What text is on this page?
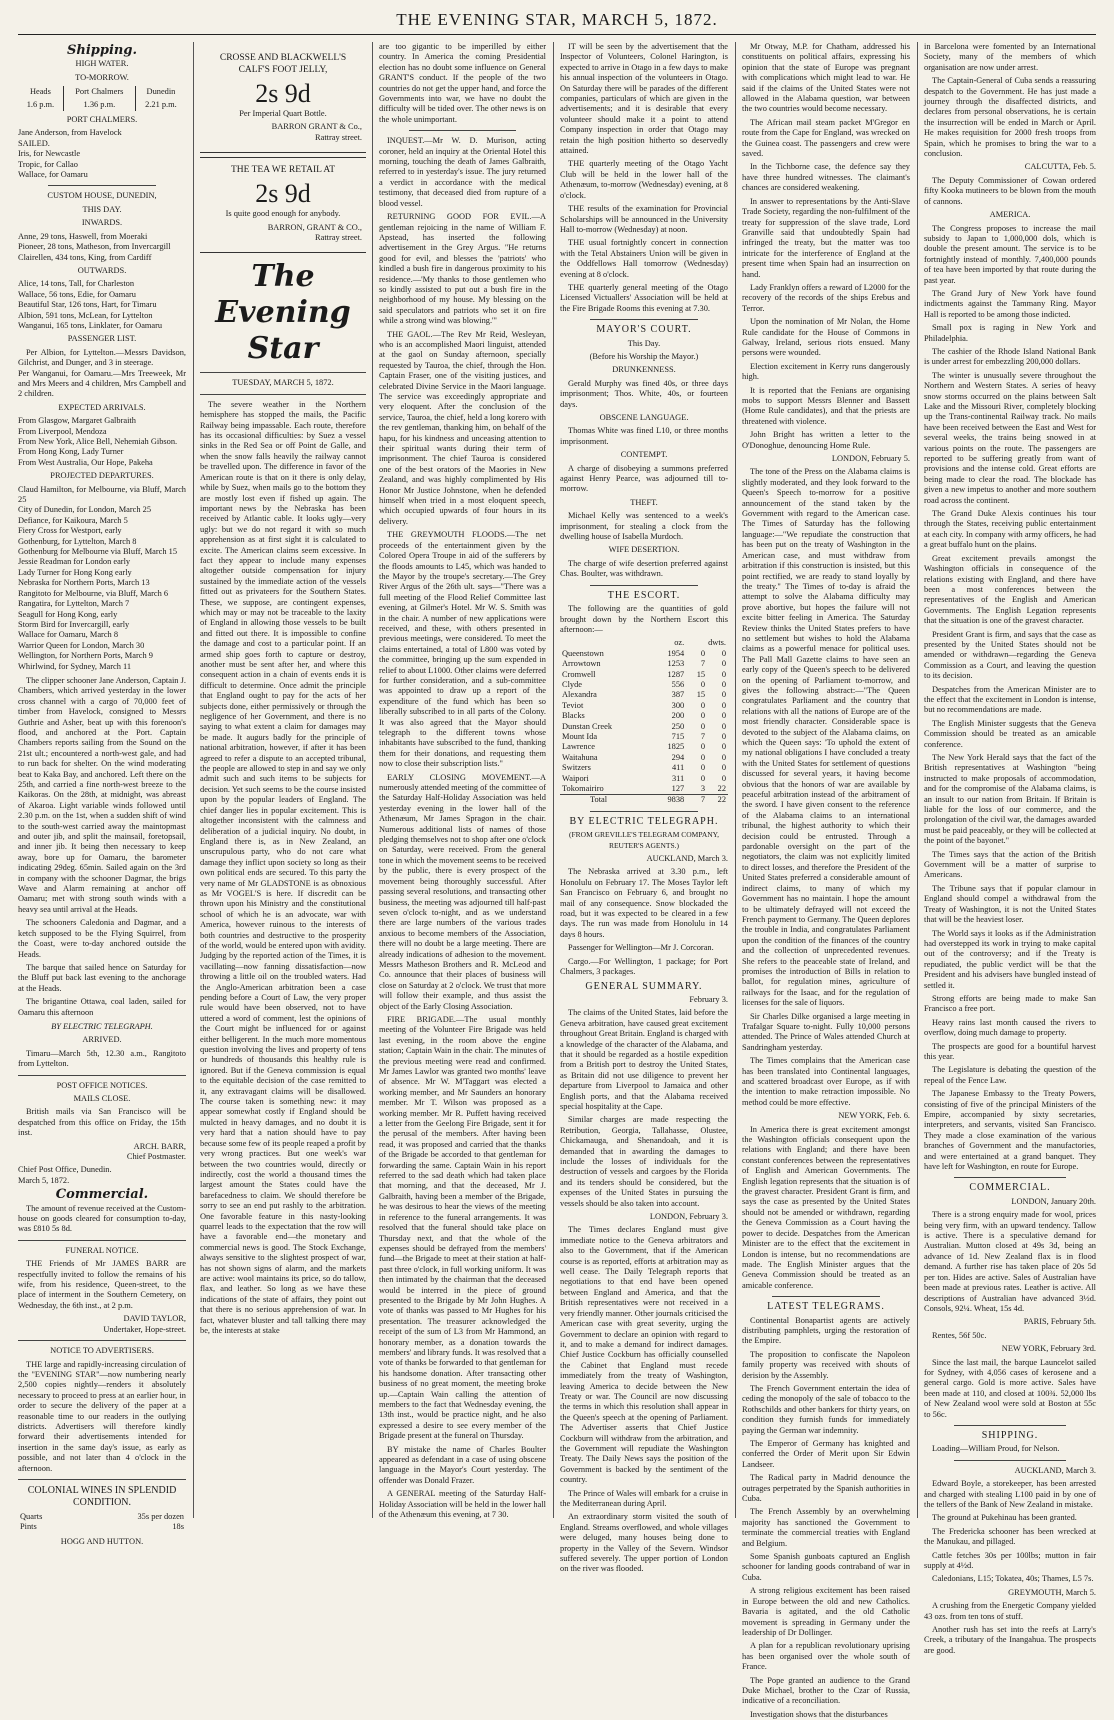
THE EVENING STAR, MARCH 5, 1872.
Shipping.

HIGH WATER.

TO-MORROW.

Heads	Port Chalmers	Dunedin
1.6 p.m.	1.36 p.m.	2.21 p.m.

PORT CHALMERS.

Jane Anderson, from Havelock
SAILED.
Iris, for Newcastle
Tropic, for Callao
Wallace, for Oamaru

CUSTOM HOUSE, DUNEDIN,

THIS DAY.

INWARDS.

Anne, 29 tons, Haswell, from Moeraki
Pioneer, 28 tons, Matheson, from Invercargill
Clairellen, 434 tons, King, from Cardiff

OUTWARDS.

Alice, 14 tons, Tall, for Charleston
Wallace, 56 tons, Edie, for Oamaru
Beautiful Star, 126 tons, Hart, for Timaru
Albion, 591 tons, McLean, for Lyttelton
Wanganui, 165 tons, Linklater, for Oamaru

PASSENGER LIST.

Per Albion, for Lyttelton.—Messrs Davidson, Gilchrist, and Dunger, and 3 in steerage.
Per Wanganui, for Oamaru.—Mrs Treeweek, Mr and Mrs Meers and 4 children, Mrs Campbell and 2 children.

EXPECTED ARRIVALS.

From Glasgow, Margaret Galbraith
From Liverpool, Mendoza
From New York, Alice Bell, Nehemiah Gibson.
From Hong Kong, Lady Turner
From West Australia, Our Hope, Pakeha

PROJECTED DEPARTURES.

Claud Hamilton, for Melbourne, via Bluff, March 25
City of Dunedin, for London, March 25
Defiance, for Kaikoura, March 5
Fiery Cross for Westport, early
Gothenburg, for Lyttelton, March 8
Gothenburg for Melbourne via Bluff, March 15
Jessie Readman for London early
Lady Turner for Hong Kong early
Nebraska for Northern Ports, March 13
Rangitoto for Melbourne, via Bluff, March 6
Rangatira, for Lyttelton, March 7
Seagull for Hong Kong, early
Storm Bird for Invercargill, early
Wallace for Oamaru, March 8
Warrior Queen for London, March 30
Wellington, for Northern Ports, March 9
Whirlwind, for Sydney, March 11

The clipper schooner Jane Anderson, Captain J. Chambers, which arrived yesterday in the lower cross channel with a cargo of 70,000 feet of timber from Havelock, consigned to Messrs Guthrie and Asher, beat up with this forenoon's flood, and anchored at the Port. Captain Chambers reports sailing from the Sound on the 21st ult.; encountered a north-west gale, and had to run back for shelter. On the wind moderating beat to Kaka Bay, and anchored. Left there on the 25th, and carried a fine north-west breeze to the Kaikoras. On the 28th, at midnight, was abreast of Akaroa. Light variable winds followed until 2.30 p.m. on the 1st, when a sudden shift of wind to the south-west carried away the maintopmast and outer jib, and split the mainsail, foretopsail, and inner jib. It being then necessary to keep away, bore up for Oamaru, the barometer indicating 29deg. 65min. Sailed again on the 3rd in company with the schooner Dagmar, the brigs Wave and Alarm remaining at anchor off Oamaru; met with strong south winds with a heavy sea until arrival at the Heads.

The schooners Caledonia and Dagmar, and a ketch supposed to be the Flying Squirrel, from the Coast, were to-day anchored outside the Heads.

The barque that sailed hence on Saturday for the Bluff put back last evening to the anchorage at the Heads.

The brigantine Ottawa, coal laden, sailed for Oamaru this afternoon

BY ELECTRIC TELEGRAPH.

ARRIVED.

Timaru—March 5th, 12.30 a.m., Rangitoto from Lyttelton.

POST OFFICE NOTICES.

MAILS CLOSE.

British mails via San Francisco will be despatched from this office on Friday, the 15th inst.

ARCH. BARR,
Chief Postmaster.

Chief Post Office, Dunedin.
March 5, 1872.

Commercial.

The amount of revenue received at the Custom-house on goods cleared for consumption to-day, was £810 5s 8d.

FUNERAL NOTICE.

THE Friends of Mr JAMES BARR are respectfully invited to follow the remains of his wife, from his residence, Queen-street, to the place of interment in the Southern Cemetery, on Wednesday, the 6th inst., at 2 p.m.

DAVID TAYLOR,
Undertaker, Hope-street.

NOTICE TO ADVERTISERS.

THE large and rapidly-increasing circulation of the "EVENING STAR"—now numbering nearly 2,500 copies nightly—renders it absolutely necessary to proceed to press at an earlier hour, in order to secure the delivery of the paper at a reasonable time to our readers in the outlying districts. Advertisers will therefore kindly forward their advertisements intended for insertion in the same day's issue, as early as possible, and not later than 4 o'clock in the afternoon.

COLONIAL WINES IN SPLENDID CONDITION.

Quarts	35s per dozen
Pints	18s

HOGG AND HUTTON.

CROSSE AND BLACKWELL'S CALF'S FOOT JELLY,

2s 9d

Per Imperial Quart Bottle.

BARRON GRANT & Co.,
Rattray street.

THE TEA WE RETAIL AT

2s 9d

Is quite good enough for anybody.

BARRON, GRANT & CO.,
Rattray street.

The Evening Star

TUESDAY, MARCH 5, 1872.

The severe weather in the Northern hemisphere has stopped the mails, the Pacific Railway being impassable. Each route, therefore has its occasional difficulties: by Suez a vessel sinks in the Red Sea or off Point de Galle, and when the snow falls heavily the railway cannot be travelled upon. The difference in favor of the American route is that on it there is only delay, while by Suez, when mails go to the bottom they are mostly lost even if fished up again. The important news by the Nebraska has been received by Atlantic cable. It looks ugly—very ugly: but we do not regard it with so much apprehension as at first sight it is calculated to excite. The American claims seem excessive. In fact they appear to include many expenses altogether outside compensation for injury sustained by the immediate action of the vessels fitted out as privateers for the Southern States. These, we suppose, are contingent expenses, which may or may not be traceable to the laxity of England in allowing those vessels to be built and fitted out there. It is impossible to confine the damage and cost to a particular point. If an armed ship goes forth to capture or destroy, another must be sent after her, and where this consequent action in a chain of events ends it is difficult to determine. Once admit the principle that England ought to pay for the acts of her subjects done, either permissively or through the negligence of her Government, and there is no saying to what extent a claim for damages may be made. It augurs badly for the principle of national arbitration, however, if after it has been agreed to refer a dispute to an accepted tribunal, the people are allowed to step in and say we only admit such and such items to be subjects for decision. Yet such seems to be the course insisted upon by the popular leaders of England. The chief danger lies in popular excitement. This is altogether inconsistent with the calmness and deliberation of a judicial inquiry. No doubt, in England there is, as in New Zealand, an unscrupulous party, who do not care what damage they inflict upon society so long as their own political ends are secured. To this party the very name of Mr GLADSTONE is as obnoxious as Mr VOGEL'S is here. If discredit can be thrown upon his Ministry and the constitutional school of which he is an advocate, war with America, however ruinous to the interests of both countries and destructive to the prosperity of the world, would be entered upon with avidity. Judging by the reported action of the Times, it is vacillating—now fanning dissatisfaction—now throwing a little oil on the troubled waters. Had the Anglo-American arbitration been a case pending before a Court of Law, the very proper rule would have been observed, not to have uttered a word of comment, lest the opinions of the Court might be influenced for or against either belligerent. In the much more momentous question involving the lives and property of tens or hundreds of thousands this healthy rule is ignored. But if the Geneva commission is equal to the equitable decision of the case remitted to it, any extravagant claims will be disallowed. The course taken is something new: it may appear somewhat costly if England should be mulcted in heavy damages, and no doubt it is very hard that a nation should have to pay because some few of its people reaped a profit by very wrong practices. But one week's war between the two countries would, directly or indirectly, cost the world a thousand times the largest amount the States could have the barefacedness to claim. We should therefore be sorry to see an end put rashly to the arbitration. One favorable feature in this nasty-looking quarrel leads to the expectation that the row will have a favorable end—the monetary and commercial news is good. The Stock Exchange, always sensitive to the slightest prospect of war, has not shown signs of alarm, and the markets are active: wool maintains its price, so do tallow, flax, and leather. So long as we have these indications of the state of affairs, they point out that there is no serious apprehension of war. In fact, whatever bluster and tall talking there may be, the interests at stake

are too gigantic to be imperilled by either country. In America the coming Presidential election has no doubt some influence on General GRANT'S conduct. If the people of the two countries do not get the upper hand, and force the Governments into war, we have no doubt the difficulty will be tided over. The other news is on the whole unimportant.

INQUEST.—Mr W. D. Murison, acting coroner, held an inquiry at the Oriental Hotel this morning, touching the death of James Galbraith, referred to in yesterday's issue. The jury returned a verdict in accordance with the medical testimony, that deceased died from rupture of a blood vessel.

RETURNING GOOD FOR EVIL.—A gentleman rejoicing in the name of William F. Apstead, has inserted the following advertisement in the Grey Argus. "He returns good for evil, and blesses the 'patriots' who kindled a bush fire in dangerous proximity to his residence.—'My thanks to those gentlemen who so kindly assisted to put out a bush fire in the neighborhood of my house. My blessing on the said speculators and patriots who set it on fire while a strong wind was blowing.'"

THE GAOL.—The Rev Mr Reid, Wesleyan, who is an accomplished Maori linguist, attended at the gaol on Sunday afternoon, specially requested by Tauroa, the chief, through the Hon. Captain Fraser, one of the visiting justices, and celebrated Divine Service in the Maori language. The service was exceedingly appropriate and very eloquent. After the conclusion of the service, Tauroa, the chief, held a long korero with the rev gentleman, thanking him, on behalf of the hapu, for his kindness and unceasing attention to their spiritual wants during their term of imprisonment. The chief Tauroa is considered one of the best orators of the Maories in New Zealand, and was highly complimented by His Honor Mr Justice Johnstone, when he defended himself when tried in a most eloquent speech, which occupied upwards of four hours in its delivery.

THE GREYMOUTH FLOODS.—The net proceeds of the entertainment given by the Colored Opera Troupe in aid of the sufferers by the floods amounts to L45, which was handed to the Mayor by the troupe's secretary.—The Grey River Argus of the 26th ult. says—"There was a full meeting of the Flood Relief Committee last evening, at Gilmer's Hotel. Mr W. S. Smith was in the chair. A number of new applications were received, and these, with others presented in previous meetings, were considered. To meet the claims entertained, a total of L800 was voted by the committee, bringing up the sum expended in relief to about L1000. Other claims were deferred for further consideration, and a sub-committee was appointed to draw up a report of the expenditure of the fund which has been so liberally subscribed to in all parts of the Colony. It was also agreed that the Mayor should telegraph to the different towns whose inhabitants have subscribed to the fund, thanking them for their donations, and requesting them now to close their subscription lists."

EARLY CLOSING MOVEMENT.—A numerously attended meeting of the committee of the Saturday Half-Holiday Association was held yesterday evening in the lower hall of the Athenæum, Mr James Spragon in the chair. Numerous additional lists of names of those pledging themselves not to shop after one o'clock on Saturday, were received. From the general tone in which the movement seems to be received by the public, there is every prospect of the movement being thoroughly successful. After passing several resolutions, and transacting other business, the meeting was adjourned till half-past seven o'clock to-night, and as we understand there are large numbers of the various trades anxious to become members of the Association, there will no doubt be a large meeting. There are already indications of adhesion to the movement. Messrs Matheson Brothers and R. McLeod and Co. announce that their places of business will close on Saturday at 2 o'clock. We trust that more will follow their example, and thus assist the object of the Early Closing Association.

FIRE BRIGADE.—The usual monthly meeting of the Volunteer Fire Brigade was held last evening, in the room above the engine station; Captain Wain in the chair. The minutes of the previous meeting were read and confirmed. Mr James Lawlor was granted two months' leave of absence. Mr W. M'Taggart was elected a working member, and Mr Saunders an honorary member. Mr T. Wilson was proposed as a working member. Mr R. Puffett having received a letter from the Geelong Fire Brigade, sent it for the perusal of the members. After having been read, it was proposed and carried that the thanks of the Brigade be accorded to that gentleman for forwarding the same. Captain Wain in his report referred to the sad death which had taken place that morning, and that the deceased, Mr J. Galbraith, having been a member of the Brigade, he was desirous to hear the views of the meeting in reference to the funeral arrangements. It was resolved that the funeral should take place on Thursday next, and that the whole of the expenses should be defrayed from the members' fund—the Brigade to meet at their station at half-past three o'clock, in full working uniform. It was then intimated by the chairman that the deceased would be interred in the piece of ground presented to the Brigade by Mr John Hughes. A vote of thanks was passed to Mr Hughes for his presentation. The treasurer acknowledged the receipt of the sum of L3 from Mr Hammond, an honorary member, as a donation towards the members' and library funds. It was resolved that a vote of thanks be forwarded to that gentleman for his handsome donation. After transacting other business of no great moment, the meeting broke up.—Captain Wain calling the attention of members to the fact that Wednesday evening, the 13th inst., would be practice night, and he also expressed a desire to see every member of the Brigade present at the funeral on Thursday.

BY mistake the name of Charles Boulter appeared as defendant in a case of using obscene language in the Mayor's Court yesterday. The offender was Donald Frazer.

A GENERAL meeting of the Saturday Half-Holiday Association will be held in the lower hall of the Athenæum this evening, at 7 30.

IT will be seen by the advertisement that the Inspector of Volunteers, Colonel Harington, is expected to arrive in Otago in a few days to make his annual inspection of the volunteers in Otago. On Saturday there will be parades of the different companies, particulars of which are given in the advertisements; and it is desirable that every volunteer should make it a point to attend Company inspection in order that Otago may retain the high position hitherto so deservedly attained.

THE quarterly meeting of the Otago Yacht Club will be held in the lower hall of the Athenæum, to-morrow (Wednesday) evening, at 8 o'clock.

THE results of the examination for Provincial Scholarships will be announced in the University Hall to-morrow (Wednesday) at noon.

THE usual fortnightly concert in connection with the Tetal Abstainers Union will be given in the Oddfellows Hall tomorrow (Wednesday) evening at 8 o'clock.

THE quarterly general meeting of the Otago Licensed Victuallers' Association will be held at the Fire Brigade Rooms this evening at 7.30.

MAYOR'S COURT.

This Day.

(Before his Worship the Mayor.)

DRUNKENNESS.

Gerald Murphy was fined 40s, or three days imprisonment; Thos. White, 40s, or fourteen days.

OBSCENE LANGUAGE.

Thomas White was fined L10, or three months imprisonment.

CONTEMPT.

A charge of disobeying a summons preferred against Henry Pearce, was adjourned till to-morrow.

THEFT.

Michael Kelly was sentenced to a week's imprisonment, for stealing a clock from the dwelling house of Isabella Murdoch.

WIFE DESERTION.

The charge of wife desertion preferred against Chas. Boulter, was withdrawn.

THE ESCORT.

The following are the quantities of gold brought down by the Northern Escort this afternoon:—

	oz.	dwts.	
Queenstown	1954	0	0
Arrowtown	1253	7	0
Cromwell	1287	15	0
Clyde	556	0	0
Alexandra	387	15	0
Teviot	300	0	0
Blacks	200	0	0
Dunstan Creek	250	0	0
Mount Ida	715	7	0
Lawrence	1825	0	0
Waitahuna	294	0	0
Switzers	411	0	0
Waipori	311	0	0
Tokomairiro	127	3	22
Total	9838	7	22
BY ELECTRIC TELEGRAPH.

(FROM GREVILLE'S TELEGRAM COMPANY, REUTER'S AGENTS.)

AUCKLAND, March 3.

The Nebraska arrived at 3.30 p.m., left Honolulu on February 17. The Moses Taylor left San Francisco on February 6, and brought no mail of any consequence. Snow blockaded the road, but it was expected to be cleared in a few days. The run was made from Honolulu in 14 days 8 hours.

Passenger for Wellington—Mr J. Corcoran.

Cargo.—For Wellington, 1 package; for Port Chalmers, 3 packages.

GENERAL SUMMARY.

February 3.

The claims of the United States, laid before the Geneva arbitration, have caused great excitement throughout Great Britain. England is charged with a knowledge of the character of the Alabama, and that it should be regarded as a hostile expedition from a British port to destroy the United States, as Britain did not use diligence to prevent her departure from Liverpool to Jamaica and other English ports, and that the Alabama received special hospitality at the Cape.

Similar charges are made respecting the Retribution, Georgia, Tallahasse, Olustee, Chickamauga, and Shenandoah, and it is demanded that in awarding the damages to include the losses of individuals for the destruction of vessels and cargoes by the Florida and its tenders should be considered, but the expenses of the United States in pursuing the vessels should be also taken into account.

LONDON, February 3.

The Times declares England must give immediate notice to the Geneva arbitrators and also to the Government, that if the American course is as reported, efforts at arbitration may as well cease. The Daily Telegraph reports that negotiations to that end have been opened between England and America, and that the British representatives were not received in a very friendly manner. Other journals criticised the American case with great severity, urging the Government to declare an opinion with regard to it, and to make a demand for indirect damages. Chief Justice Cockburn has officially counselled the Cabinet that England must recede immediately from the treaty of Washington, leaving America to decide between the New Treaty or war. The Council are now discussing the terms in which this resolution shall appear in the Queen's speech at the opening of Parliament. The Advertiser asserts that Chief Justice Cockburn will withdraw from the arbitration, and the Government will repudiate the Washington Treaty. The Daily News says the position of the Government is backed by the sentiment of the country.

The Prince of Wales will embark for a cruise in the Mediterranean during April.

An extraordinary storm visited the south of England. Streams overflowed, and whole villages were deluged, many houses being done to property in the Valley of the Severn. Windsor suffered severely. The upper portion of London on the river was flooded.

Mr Otway, M.P. for Chatham, addressed his constituents on political affairs, expressing his opinion that the state of Europe was pregnant with complications which might lead to war. He said if the claims of the United States were not allowed in the Alabama question, war between the two countries would become necessary.

The African mail steam packet M'Gregor en route from the Cape for England, was wrecked on the Guinea coast. The passengers and crew were saved.

In the Tichborne case, the defence say they have three hundred witnesses. The claimant's chances are considered weakening.

In answer to representations by the Anti-Slave Trade Society, regarding the non-fulfilment of the treaty for suppression of the slave trade, Lord Granville said that undoubtedly Spain had infringed the treaty, but the matter was too intricate for the interference of England at the present time when Spain had an insurrection on hand.

Lady Franklyn offers a reward of L2000 for the recovery of the records of the ships Erebus and Terror.

Upon the nomination of Mr Nolan, the Home Rule candidate for the House of Commons in Galway, Ireland, serious riots ensued. Many persons were wounded.

Election excitement in Kerry runs dangerously high.

It is reported that the Fenians are organising mobs to support Messrs Blenner and Bassett (Home Rule candidates), and that the priests are threatened with violence.

John Bright has written a letter to the O'Donoghue, denouncing Home Rule.

LONDON, February 5.

The tone of the Press on the Alabama claims is slightly moderated, and they look forward to the Queen's Speech to-morrow for a positive announcement of the stand taken by the Government with regard to the American case. The Times of Saturday has the following language:—"We repudiate the construction that has been put on the treaty of Washington in the American case, and must withdraw from arbitration if this construction is insisted, but this point rectified, we are ready to stand loyally by the treaty." The Times of to-day is afraid the attempt to solve the Alabama difficulty may prove abortive, but hopes the failure will not excite bitter feeling in America. The Saturday Review thinks the United States prefers to have no settlement but wishes to hold the Alabama claims as a powerful menace for political uses. The Pall Mall Gazette claims to have seen an early copy of the Queen's speech to be delivered on the opening of Parliament to-morrow, and gives the following abstract:—"The Queen congratulates Parliament and the country that relations with all the nations of Europe are of the most friendly character. Considerable space is devoted to the subject of the Alabama claims, on which the Queen says: 'To uphold the extent of my national obligations I have concluded a treaty with the United States for settlement of questions discussed for several years, it having become obvious that the honors of war are available by peaceful arbitration instead of the arbitrament of the sword. I have given consent to the reference of the Alabama claims to an international tribunal, the highest authority to which their decision could be entrusted. Through a pardonable oversight on the part of the negotiators, the claim was not explicitly limited to direct losses, and therefore the President of the United States preferred a considerable amount of indirect claims, to many of which my Government has no maintain. I hope the amount to be ultimately defrayed will not exceed the French payment to Germany. The Queen deplores the trouble in India, and congratulates Parliament upon the condition of the finances of the country and the collection of unprecedented revenues. She refers to the peaceable state of Ireland, and promises the introduction of Bills in relation to ballot, for regulation mines, agriculture of railways for the Isaac, and for the regulation of licenses for the sale of liquors.

Sir Charles Dilke organised a large meeting in Trafalgar Square to-night. Fully 10,000 persons attended. The Prince of Wales attended Church at Sandringham yesterday.

The Times complains that the American case has been translated into Continental languages, and scattered broadcast over Europe, as if with the intention to make retraction impossible. No method could be more effective.

NEW YORK, Feb. 6.

In America there is great excitement amongst the Washington officials consequent upon the relations with England; and there have been constant conferences between the representatives of English and American Governments. The English legation represents that the situation is of the gravest character. President Grant is firm, and says the case as presented by the United States should not be amended or withdrawn, regarding the Geneva Commission as a Court having the power to decide. Despatches from the American Minister are to the effect that the excitement in London is intense, but no recommendations are made. The English Minister argues that the Geneva Commission should be treated as an amicable conference.

LATEST TELEGRAMS.

Continental Bonapartist agents are actively distributing pamphlets, urging the restoration of the Empire.

The proposition to confiscate the Napoleon family property was received with shouts of derision by the Assembly.

The French Government entertain the idea of ceding the monopoly of the sale of tobacco to the Rothschilds and other bankers for thirty years, on condition they furnish funds for immediately paying the German war indemnity.

The Emperor of Germany has knighted and conferred the Order of Merit upon Sir Edwin Landseer.

The Radical party in Madrid denounce the outrages perpetrated by the Spanish authorities in Cuba.

The French Assembly by an overwhelming majority has sanctioned the Government to terminate the commercial treaties with England and Belgium.

Some Spanish gunboats captured an English schooner for landing goods contraband of war in Cuba.

A strong religious excitement has been raised in Europe between the old and new Catholics. Bavaria is agitated, and the old Catholic movement is spreading in Germany under the leadership of Dr Dollinger.

A plan for a republican revolutionary uprising has been organised over the whole south of France.

The Pope granted an audience to the Grand Duke Michael, brother to the Czar of Russia, indicative of a reconciliation.

Investigation shows that the disturbances

in Barcelona were fomented by an International Society, many of the members of which organisation are now under arrest.

The Captain-General of Cuba sends a reassuring despatch to the Government. He has just made a journey through the disaffected districts, and declares from personal observations, he is certain the insurrection will be ended in March or April. He makes requisition for 2000 fresh troops from Spain, which he promises to bring the war to a conclusion.

CALCUTTA, Feb. 5.

The Deputy Commissioner of Cowan ordered fifty Kooka mutineers to be blown from the mouth of cannons.

AMERICA.

The Congress proposes to increase the mail subsidy to Japan to 1,000,000 dols, which is double the present amount. The service is to be fortnightly instead of monthly. 7,400,000 pounds of tea have been imported by that route during the past year.

The Grand Jury of New York have found indictments against the Tammany Ring. Mayor Hall is reported to be among those indicted.

Small pox is raging in New York and Philadelphia.

The cashier of the Rhode Island National Bank is under arrest for embezzling 200,000 dollars.

The winter is unusually severe throughout the Northern and Western States. A series of heavy snow storms occurred on the plains between Salt Lake and the Missouri River, completely blocking up the Trans-continental Railway track. No mails have been received between the East and West for several weeks, the trains being snowed in at various points on the route. The passengers are reported to be suffering greatly from want of provisions and the intense cold. Great efforts are being made to clear the road. The blockade has given a new impetus to another and more southern road across the continent.

The Grand Duke Alexis continues his tour through the States, receiving public entertainment at each city. In company with army officers, he had a great buffalo hunt on the plains.

Great excitement prevails amongst the Washington officials in consequence of the relations existing with England, and there have been a most conferences between the representatives of the English and American Governments. The English Legation represents that the situation is one of the gravest character.

President Grant is firm, and says that the case as presented by the United States should not be amended or withdrawn—regarding the Geneva Commission as a Court, and leaving the question to its decision.

Despatches from the American Minister are to the effect that the excitement in London is intense, but no recommendations are made.

The English Minister suggests that the Geneva Commission should be treated as an amicable conference.

The New York Herald says that the fact of the British representatives at Washington "being instructed to make proposals of accommodation, and for the compromise of the Alabama claims, is an insult to our nation from Britain. If Britain is liable for the loss of our commerce, and the prolongation of the civil war, the damages awarded must be paid peaceably, or they will be collected at the point of the bayonet."

The Times says that the action of the British Government will be a matter of surprise to Americans.

The Tribune says that if popular clamour in England should compel a withdrawal from the Treaty of Washington, it is not the United States that will be the heaviest loser.

The World says it looks as if the Administration had overstepped its work in trying to make capital out of the controversy; and if the Treaty is repudiated, the public verdict will be that the President and his advisers have bungled instead of settled it.

Strong efforts are being made to make San Francisco a free port.

Heavy rains last month caused the rivers to overflow, doing much damage to property.

The prospects are good for a bountiful harvest this year.

The Legislature is debating the question of the repeal of the Fence Law.

The Japanese Embassy to the Treaty Powers, consisting of five of the principal Ministers of the Empire, accompanied by sixty secretaries, interpreters, and servants, visited San Francisco. They made a close examination of the various branches of Government and the manufactories, and were entertained at a grand banquet. They have left for Washington, en route for Europe.

COMMERCIAL.

LONDON, January 20th.

There is a strong enquiry made for wool, prices being very firm, with an upward tendency. Tallow is active. There is a speculative demand for Australian. Mutton closed at 49s 3d, being an advance of 1d. New Zealand flax is in flood demand. A further rise has taken place of 20s 5d per ton. Hides are active. Sales of Australian have been made at previous rates. Leather is active. All descriptions of Australian have advanced 3½d. Consols, 92¼. Wheat, 15s 4d.

PARIS, February 5th.

Rentes, 56f 50c.

NEW YORK, February 3rd.

Since the last mail, the barque Launcelot sailed for Sydney, with 4,056 cases of kerosene and a general cargo. Gold is more active. Sales have been made at 110, and closed at 100¾. 52,000 lbs of New Zealand wool were sold at Boston at 55c to 56c.

SHIPPING.

Loading—William Proud, for Nelson.

AUCKLAND, March 3.

Edward Boyle, a storekeeper, has been arrested and charged with stealing L100 paid in by one of the tellers of the Bank of New Zealand in mistake.

The ground at Pukehinau has been granted.

The Fredericka schooner has been wrecked at the Manukau, and pillaged.

Cattle fetches 30s per 100lbs; mutton in fair supply at 4½d.

Caledonians, L15; Tokatea, 40s; Thames, L5 7s.

GREYMOUTH, March 5.

A crushing from the Energetic Company yielded 43 ozs. from ten tons of stuff.

Another rush has set into the reefs at Larry's Creek, a tributary of the Inangahua. The prospects are good.
